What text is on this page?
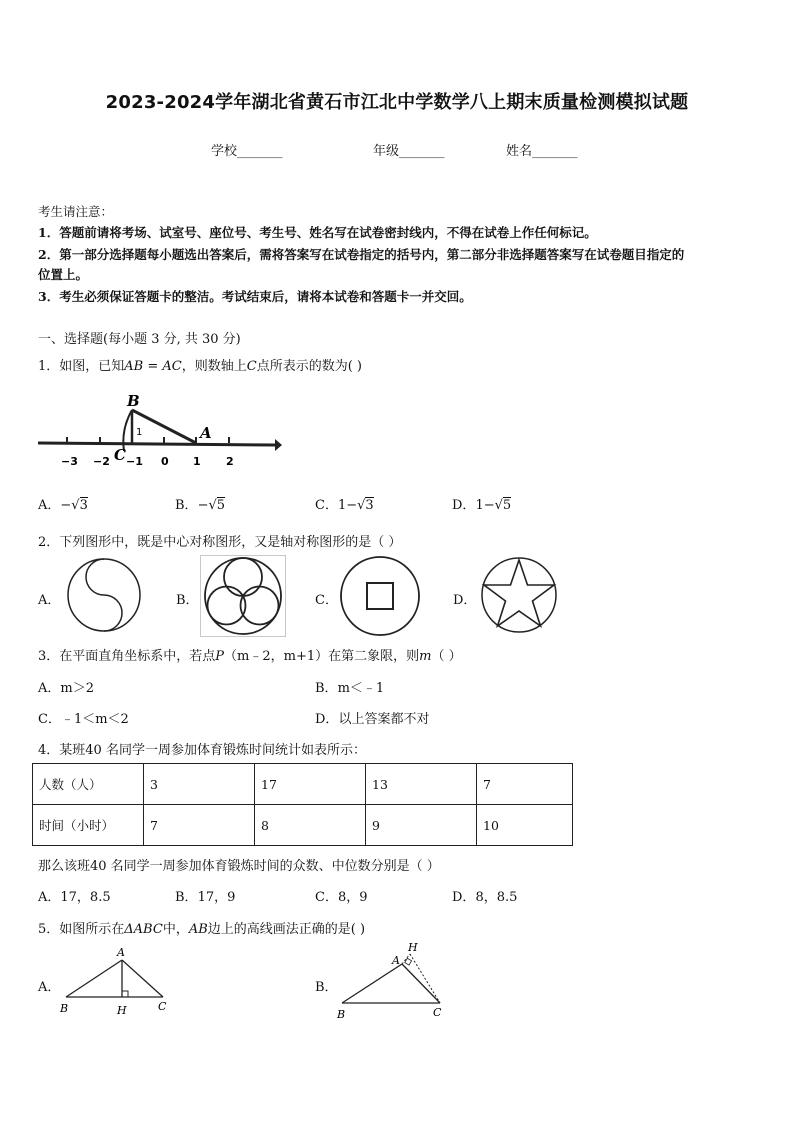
2023-2024学年湖北省黄石市江北中学数学八上期末质量检测模拟试题
学校_______	年级_______	姓名_______
考生请注意：
1．答题前请将考场、试室号、座位号、考生号、姓名写在试卷密封线内，不得在试卷上作任何标记。
2．第一部分选择题每小题选出答案后，需将答案写在试卷指定的括号内，第二部分非选择题答案写在试卷题目指定的
位置上。
3．考生必须保证答题卡的整洁。考试结束后，请将本试卷和答题卡一并交回。
一、选择题(每小题 3 分, 共 30 分)
1．如图，已知AB = AC，则数轴上C点所表示的数为( )
B
A
C
1
−3 −2 −1 0 1 2
A．−√3	B．−√5	C．1−√3	D．1−√5
2．下列图形中，既是中心对称图形，又是轴对称图形的是（ ）
A．	B．	C．	D．
3．在平面直角坐标系中，若点P（m﹣2，m+1）在第二象限，则m（ ）
A．m＞2	B．m＜﹣1
C．﹣1＜m＜2	D．以上答案都不对
4．某班40 名同学一周参加体育锻炼时间统计如表所示：
人数（人）	3	17	13	7
时间（小时）	7	8	9	10
那么该班40 名同学一周参加体育锻炼时间的众数、中位数分别是（ ）
A．17，8.5	B．17，9	C．8，9	D．8，8.5
5．如图所示在ΔABC中，AB边上的高线画法正确的是( )
A．
A
B	C
H
B．
A
H
B	C
